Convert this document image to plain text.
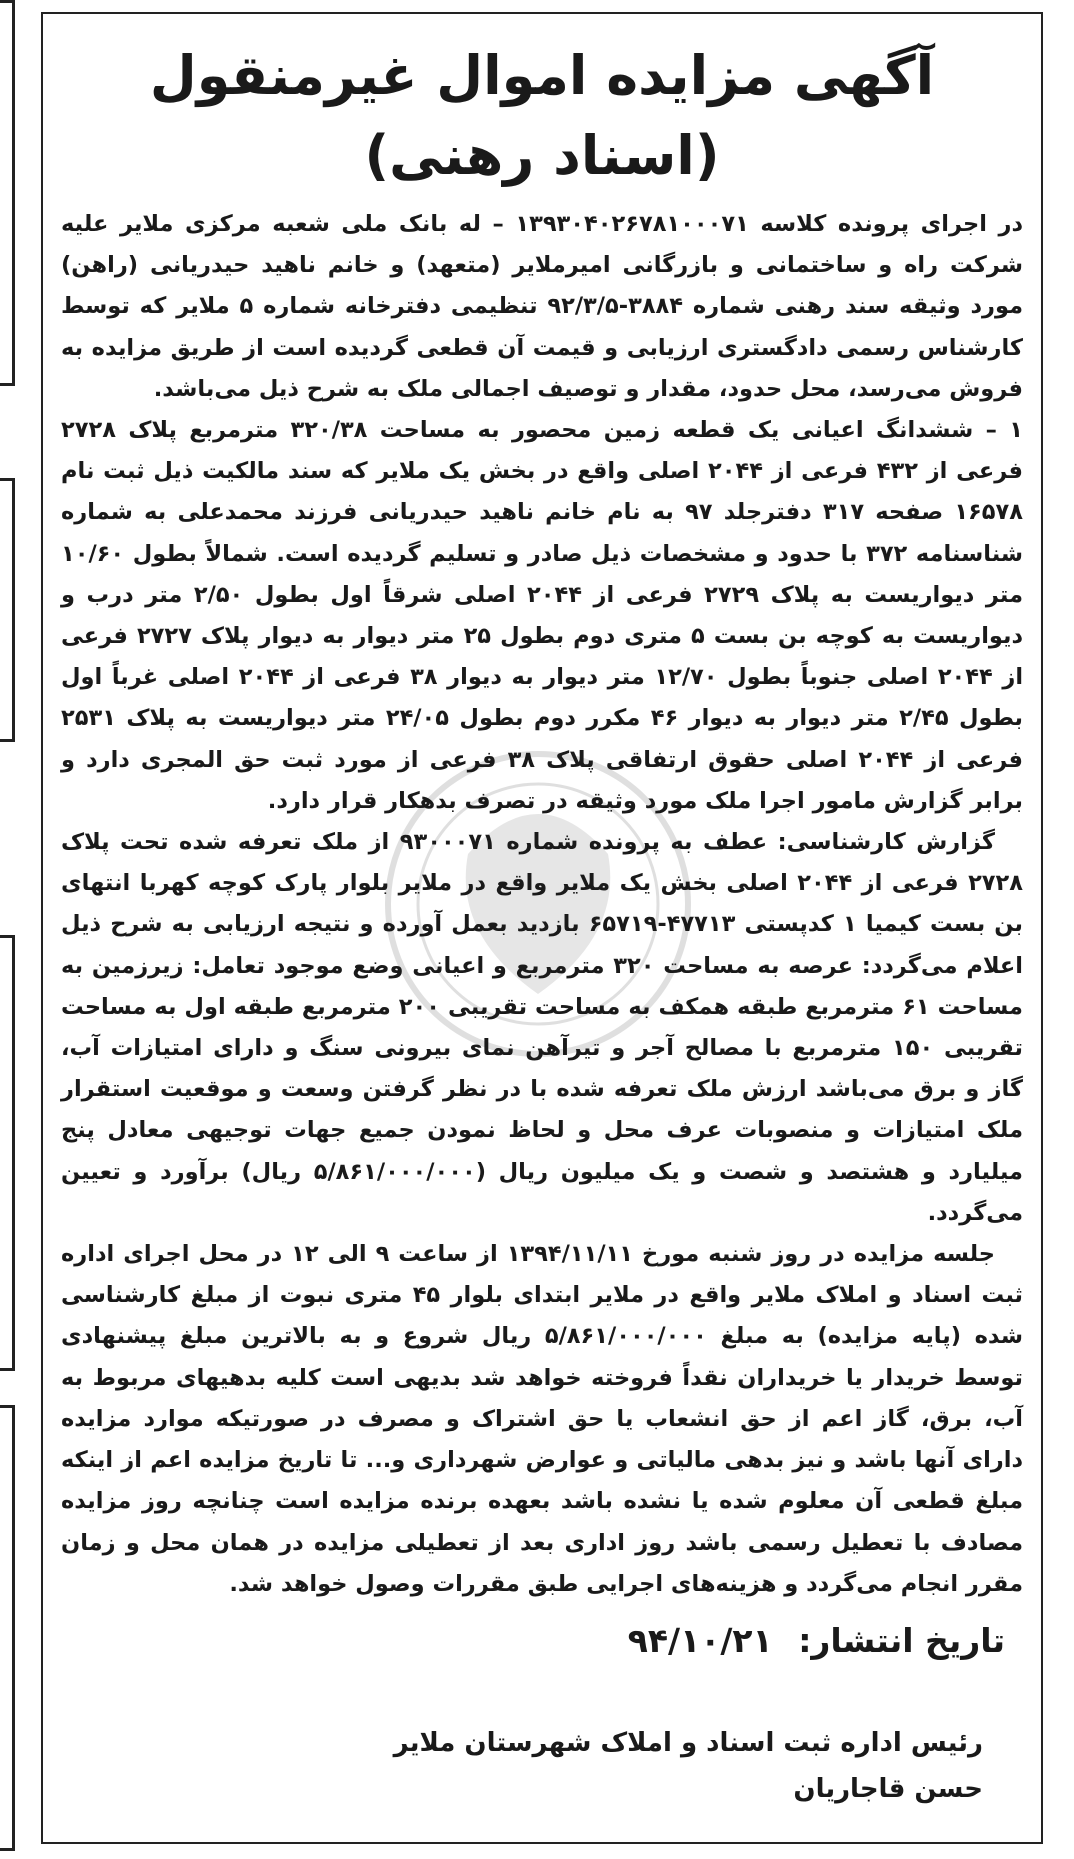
آگهی مزایده اموال غیرمنقول (اسناد رهنی)

در اجرای پرونده کلاسه ۱۳۹۳۰۴۰۲۶۷۸۱۰۰۰۷۱ – له بانک ملی شعبه مرکزی ملایر علیه شرکت راه و ساختمانی و بازرگانی امیرملایر (متعهد) و خانم ناهید حیدریانی (راهن) مورد وثیقه سند رهنی شماره ۳۸۸۴-۹۲/۳/۵ تنظیمی دفترخانه شماره ۵ ملایر که توسط کارشناس رسمی دادگستری ارزیابی و قیمت آن قطعی گردیده است از طریق مزایده به فروش می‌رسد، محل حدود، مقدار و توصیف اجمالی ملک به شرح ذیل می‌باشد.

۱ – ششدانگ اعیانی یک قطعه زمین محصور به مساحت ۳۲۰/۳۸ مترمربع پلاک ۲۷۲۸ فرعی از ۴۳۲ فرعی از ۲۰۴۴ اصلی واقع در بخش یک ملایر که سند مالکیت ذیل ثبت نام ۱۶۵۷۸ صفحه ۳۱۷ دفترجلد ۹۷ به نام خانم ناهید حیدریانی فرزند محمدعلی به شماره شناسنامه ۳۷۲ با حدود و مشخصات ذیل صادر و تسلیم گردیده است. شمالاً بطول ۱۰/۶۰ متر دیواریست به پلاک ۲۷۲۹ فرعی از ۲۰۴۴ اصلی شرقاً اول بطول ۲/۵۰ متر درب و دیواریست به کوچه بن بست ۵ متری دوم بطول ۲۵ متر دیوار به دیوار پلاک ۲۷۲۷ فرعی از ۲۰۴۴ اصلی جنوباً بطول ۱۲/۷۰ متر دیوار به دیوار ۳۸ فرعی از ۲۰۴۴ اصلی غرباً اول بطول ۲/۴۵ متر دیوار به دیوار ۴۶ مکرر دوم بطول ۲۴/۰۵ متر دیواریست به پلاک ۲۵۳۱ فرعی از ۲۰۴۴ اصلی حقوق ارتفاقی پلاک ۳۸ فرعی از مورد ثبت حق المجری دارد و برابر گزارش مامور اجرا ملک مورد وثیقه در تصرف بدهکار قرار دارد.

گزارش کارشناسی: عطف به پرونده شماره ۹۳۰۰۰۷۱ از ملک تعرفه شده تحت پلاک ۲۷۲۸ فرعی از ۲۰۴۴ اصلی بخش یک ملایر واقع در ملایر بلوار پارک کوچه کهربا انتهای بن بست کیمیا ۱ کدپستی ۴۷۷۱۳-۶۵۷۱۹ بازدید بعمل آورده و نتیجه ارزیابی به شرح ذیل اعلام می‌گردد: عرصه به مساحت ۳۲۰ مترمربع و اعیانی وضع موجود تعامل: زیرزمین به مساحت ۶۱ مترمربع طبقه همکف به مساحت تقریبی ۲۰۰ مترمربع طبقه اول به مساحت تقریبی ۱۵۰ مترمربع با مصالح آجر و تیرآهن نمای بیرونی سنگ و دارای امتیازات آب، گاز و برق می‌باشد ارزش ملک تعرفه شده با در نظر گرفتن وسعت و موقعیت استقرار ملک امتیازات و منصوبات عرف محل و لحاظ نمودن جمیع جهات توجیهی معادل پنج میلیارد و هشتصد و شصت و یک میلیون ریال (۵/۸۶۱/۰۰۰/۰۰۰ ریال) برآورد و تعیین می‌گردد.

جلسه مزایده در روز شنبه مورخ ۱۳۹۴/۱۱/۱۱ از ساعت ۹ الی ۱۲ در محل اجرای اداره ثبت اسناد و املاک ملایر واقع در ملایر ابتدای بلوار ۴۵ متری نبوت از مبلغ کارشناسی شده (پایه مزایده) به مبلغ ۵/۸۶۱/۰۰۰/۰۰۰ ریال شروع و به بالاترین مبلغ پیشنهادی توسط خریدار یا خریداران نقداً فروخته خواهد شد بدیهی است کلیه بدهیهای مربوط به آب، برق، گاز اعم از حق انشعاب یا حق اشتراک و مصرف در صورتیکه موارد مزایده دارای آنها باشد و نیز بدهی مالیاتی و عوارض شهرداری و... تا تاریخ مزایده اعم از اینکه مبلغ قطعی آن معلوم شده یا نشده باشد بعهده برنده مزایده است چنانچه روز مزایده مصادف با تعطیل رسمی باشد روز اداری بعد از تعطیلی مزایده در همان محل و زمان مقرر انجام می‌گردد و هزینه‌های اجرایی طبق مقررات وصول خواهد شد.

تاریخ انتشار: ۹۴/۱۰/۲۱
رئیس اداره ثبت اسناد و املاک شهرستان ملایر
حسن قاجاریان
